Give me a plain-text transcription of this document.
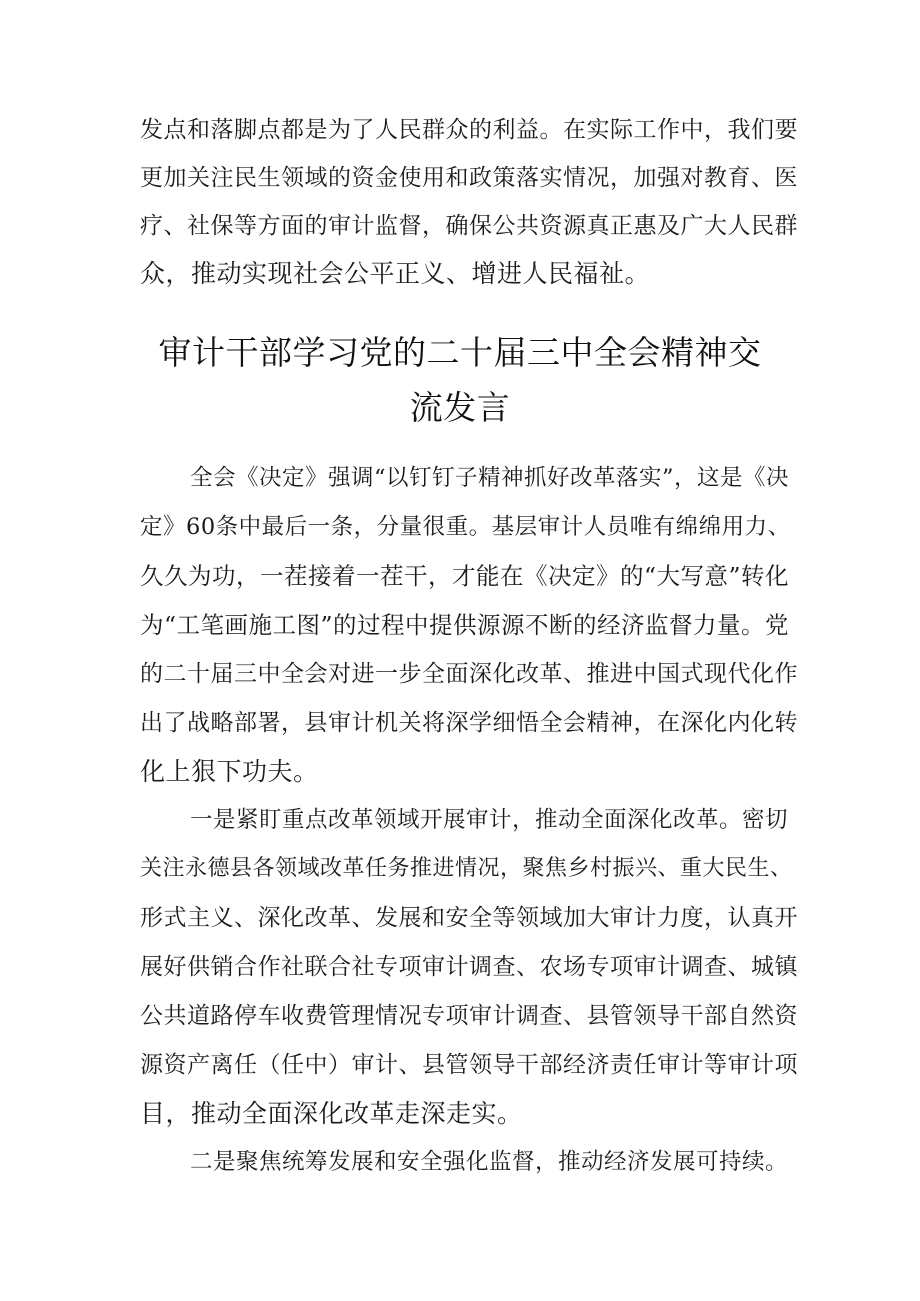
发点和落脚点都是为了人民群众的利益。在实际工作中，我们要
更加关注民生领域的资金使用和政策落实情况，加强对教育、医
疗、社保等方面的审计监督，确保公共资源真正惠及广大人民群
众，推动实现社会公平正义、增进人民福祉。
审计干部学习党的二十届三中全会精神交
流发言
全会《决定》强调“以钉钉子精神抓好改革落实”，这是《决
定》60条中最后一条，分量很重。基层审计人员唯有绵绵用力、
久久为功，一茬接着一茬干，才能在《决定》的“大写意”转化
为“工笔画施工图”的过程中提供源源不断的经济监督力量。党
的二十届三中全会对进一步全面深化改革、推进中国式现代化作
出了战略部署，县审计机关将深学细悟全会精神，在深化内化转
化上狠下功夫。
一是紧盯重点改革领域开展审计，推动全面深化改革。密切
关注永德县各领域改革任务推进情况，聚焦乡村振兴、重大民生、
形式主义、深化改革、发展和安全等领域加大审计力度，认真开
展好供销合作社联合社专项审计调查、农场专项审计调查、城镇
公共道路停车收费管理情况专项审计调查、县管领导干部自然资
源资产离任（任中）审计、县管领导干部经济责任审计等审计项
目，推动全面深化改革走深走实。
二是聚焦统筹发展和安全强化监督，推动经济发展可持续。
